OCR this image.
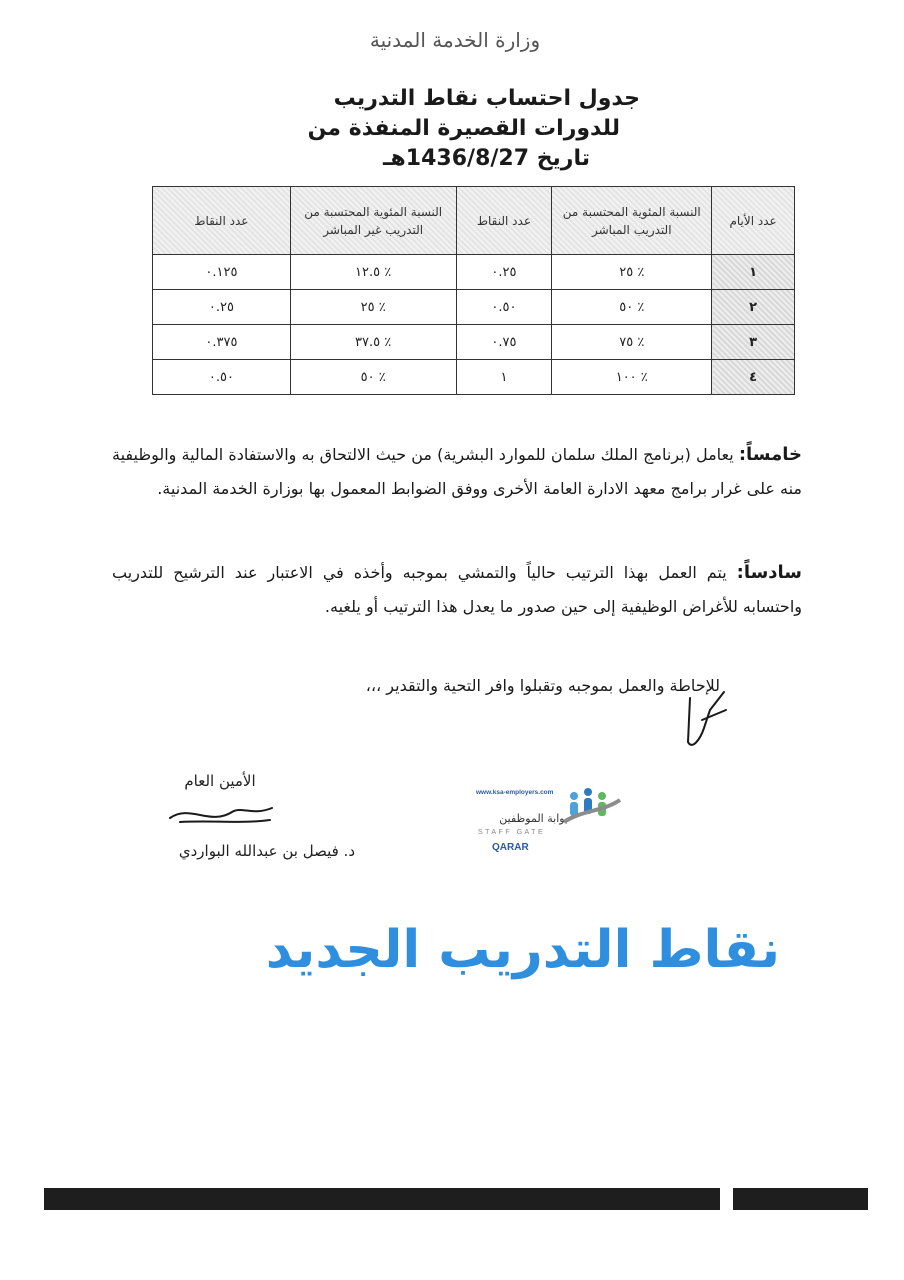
وزارة الخدمة المدنية
جدول احتساب نقاط التدريب
للدورات القصيرة المنفذة من
تاريخ 1436/8/27هـ
عدد الأيام	النسبة المئوية المحتسبة من التدريب المباشر	عدد النقاط	النسبة المئوية المحتسبة من التدريب غير المباشر	عدد النقاط
١	٪ ٢٥	٠.٢٥	٪ ١٢.٥	٠.١٢٥
٢	٪ ٥٠	٠.٥٠	٪ ٢٥	٠.٢٥
٣	٪ ٧٥	٠.٧٥	٪ ٣٧.٥	٠.٣٧٥
٤	٪ ١٠٠	١	٪ ٥٠	٠.٥٠

خامساً: يعامل (برنامج الملك سلمان للموارد البشرية) من حيث الالتحاق به والاستفادة المالية والوظيفية منه على غرار برامج معهد الادارة العامة الأخرى ووفق الضوابط المعمول بها بوزارة الخدمة المدنية.

سادساً: يتم العمل بهذا الترتيب حالياً والتمشي بموجبه وأخذه في الاعتبار عند الترشيح للتدريب واحتسابه للأغراض الوظيفية إلى حين صدور ما يعدل هذا الترتيب أو يلغيه.

للإحاطة والعمل بموجبه وتقبلوا وافر التحية والتقدير ،،،
الأمين العام
د. فيصل بن عبدالله البواردي
www.ksa-employers.com
بوابة الموظفين
STAFF GATE
QARAR
نقاط التدريب الجديد
